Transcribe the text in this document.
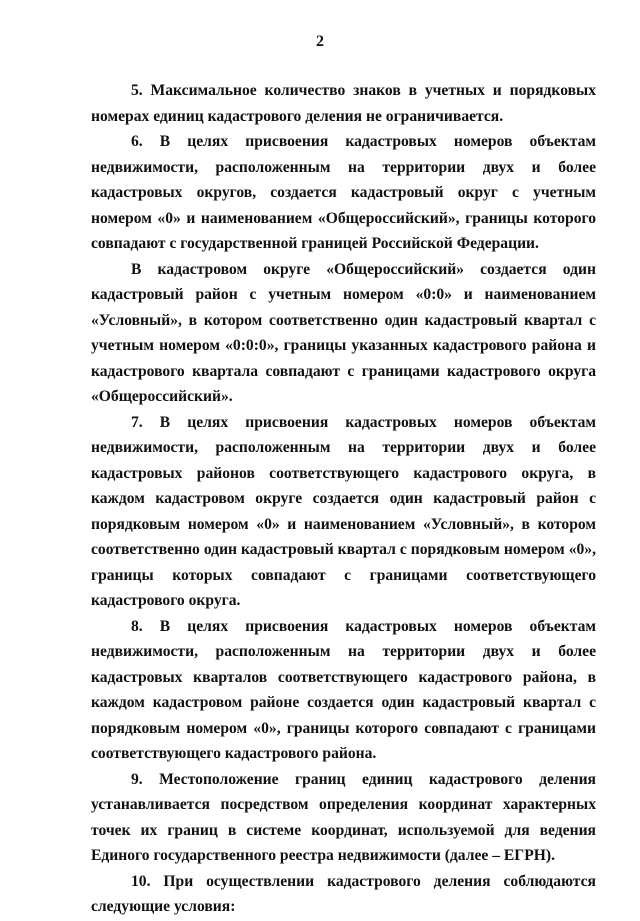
2

5. Максимальное количество знаков в учетных и порядковых номерах единиц кадастрового деления не ограничивается.

6. В целях присвоения кадастровых номеров объектам недвижимости, расположенным на территории двух и более кадастровых округов, создается кадастровый округ с учетным номером «0» и наименованием «Общероссийский», границы которого совпадают с государственной границей Российской Федерации.

В кадастровом округе «Общероссийский» создается один кадастровый район с учетным номером «0:0» и наименованием «Условный», в котором соответственно один кадастровый квартал с учетным номером «0:0:0», границы указанных кадастрового района и кадастрового квартала совпадают с границами кадастрового округа «Общероссийский».

7. В целях присвоения кадастровых номеров объектам недвижимости, расположенным на территории двух и более кадастровых районов соответствующего кадастрового округа, в каждом кадастровом округе создается один кадастровый район с порядковым номером «0» и наименованием «Условный», в котором соответственно один кадастровый квартал с порядковым номером «0», границы которых совпадают с границами соответствующего кадастрового округа.

8. В целях присвоения кадастровых номеров объектам недвижимости, расположенным на территории двух и более кадастровых кварталов соответствующего кадастрового района, в каждом кадастровом районе создается один кадастровый квартал с порядковым номером «0», границы которого совпадают с границами соответствующего кадастрового района.

9. Местоположение границ единиц кадастрового деления устанавливается посредством определения координат характерных точек их границ в системе координат, используемой для ведения Единого государственного реестра недвижимости (далее – ЕГРН).

10. При осуществлении кадастрового деления соблюдаются следующие условия:
